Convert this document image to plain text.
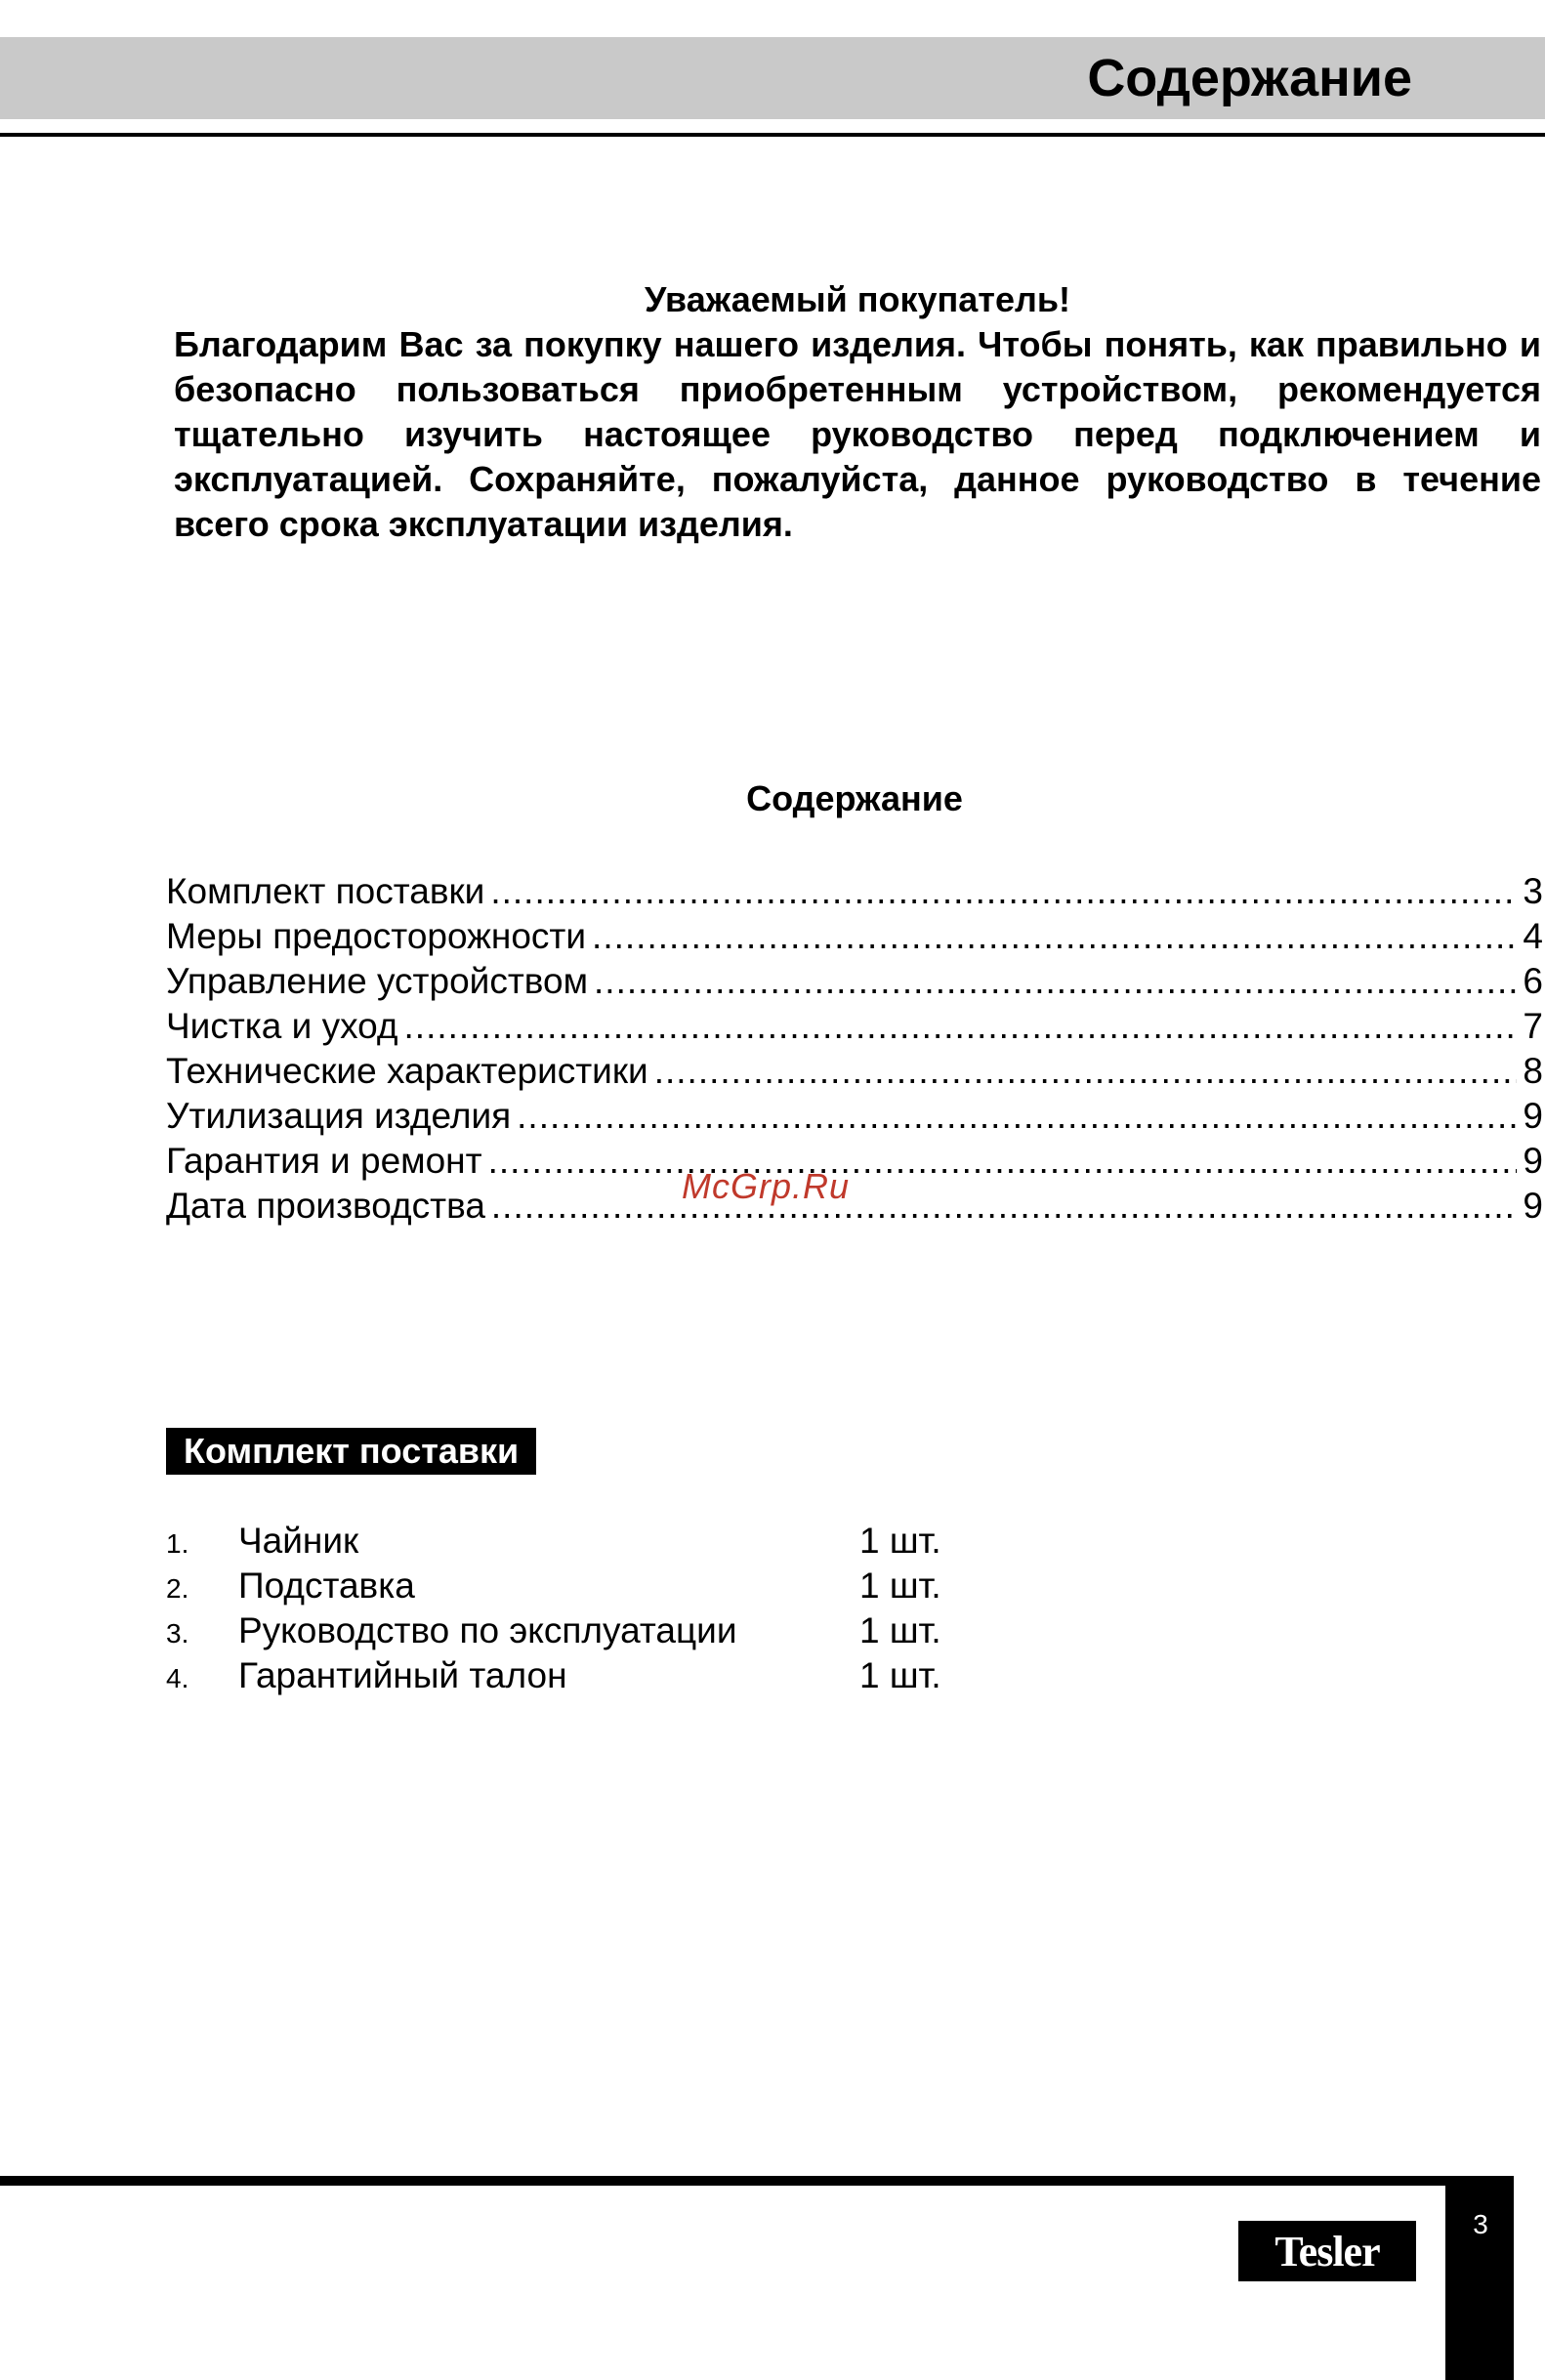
Содержание
Уважаемый покупатель!
Благодарим Вас за покупку нашего изделия. Чтобы понять, как правильно и безопасно пользоваться приобретенным устройством, рекомендуется тщательно изучить настоящее руководство перед подключением и эксплуатацией. Сохраняйте, пожалуйста, данное руководство в течение всего срока эксплуатации изделия.
Содержание
Комплект поставки .....	3
Меры предосторожности .....	4
Управление устройством .....	6
Чистка и уход .....	7
Технические характеристики .....	8
Утилизация изделия .....	9
Гарантия и ремонт .....	9
Дата производства .....	9
McGrp.Ru
Комплект поставки
1. Чайник	1 шт.
2. Подставка	1 шт.
3. Руководство по эксплуатации	1 шт.
4. Гарантийный талон	1 шт.
3
Tesler
